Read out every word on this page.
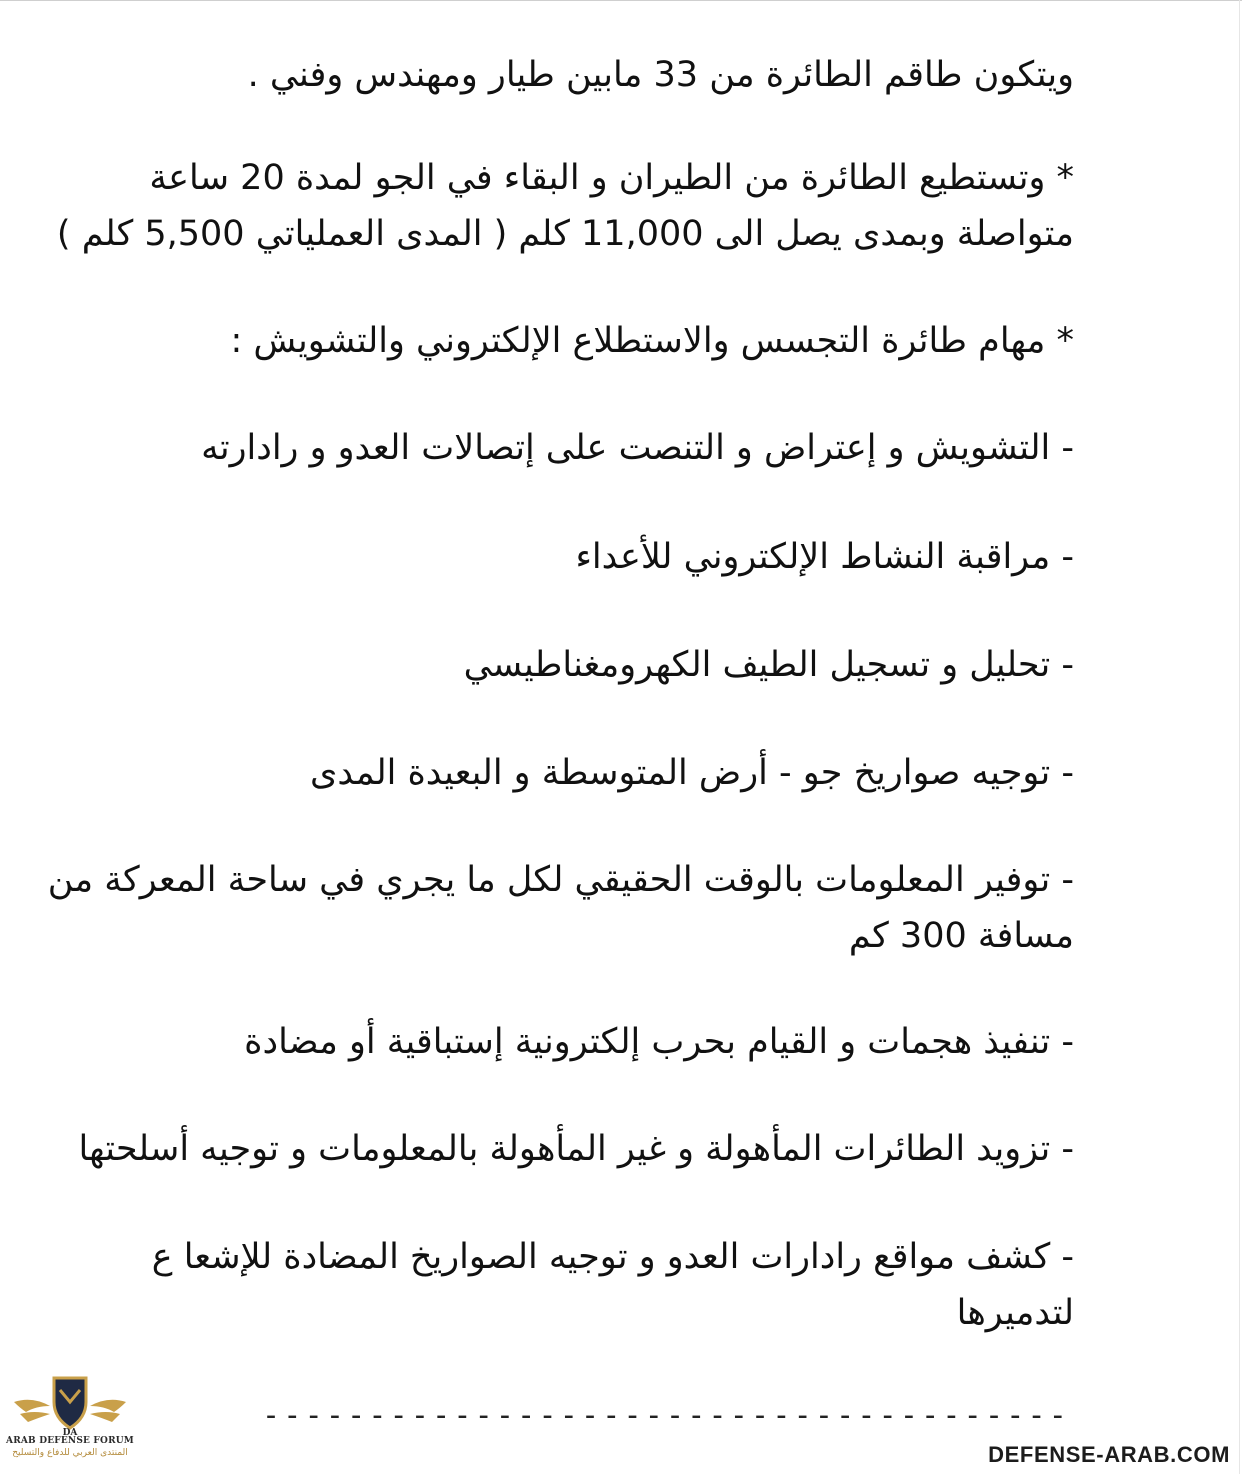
ويتكون طاقم الطائرة من 33 مابين طيار ومهندس وفني .
* وتستطيع الطائرة من الطيران و البقاء في الجو لمدة 20 ساعة متواصلة وبمدى يصل الى 11,000 كلم ( المدى العملياتي 5,500 كلم )
* مهام طائرة التجسس والاستطلاع الإلكتروني والتشويش :
- التشويش و إعتراض و التنصت على إتصالات العدو و رادارته
- مراقبة النشاط الإلكتروني للأعداء
- تحليل و تسجيل الطيف الكهرومغناطيسي
- توجيه صواريخ جو - أرض المتوسطة و البعيدة المدى
- توفير المعلومات بالوقت الحقيقي لكل ما يجري في ساحة المعركة من مسافة 300 كم
- تنفيذ هجمات و القيام بحرب إلكترونية إستباقية أو مضادة
- تزويد الطائرات المأهولة و غير المأهولة بالمعلومات و توجيه أسلحتها
- كشف مواقع رادارات العدو و توجيه الصواريخ المضادة للإشعا ع لتدميرها
--------------------------------------
DA
ARAB DEFENSE FORUM
المنتدى العربي للدفاع والتسليح	DEFENSE-ARAB.COM
